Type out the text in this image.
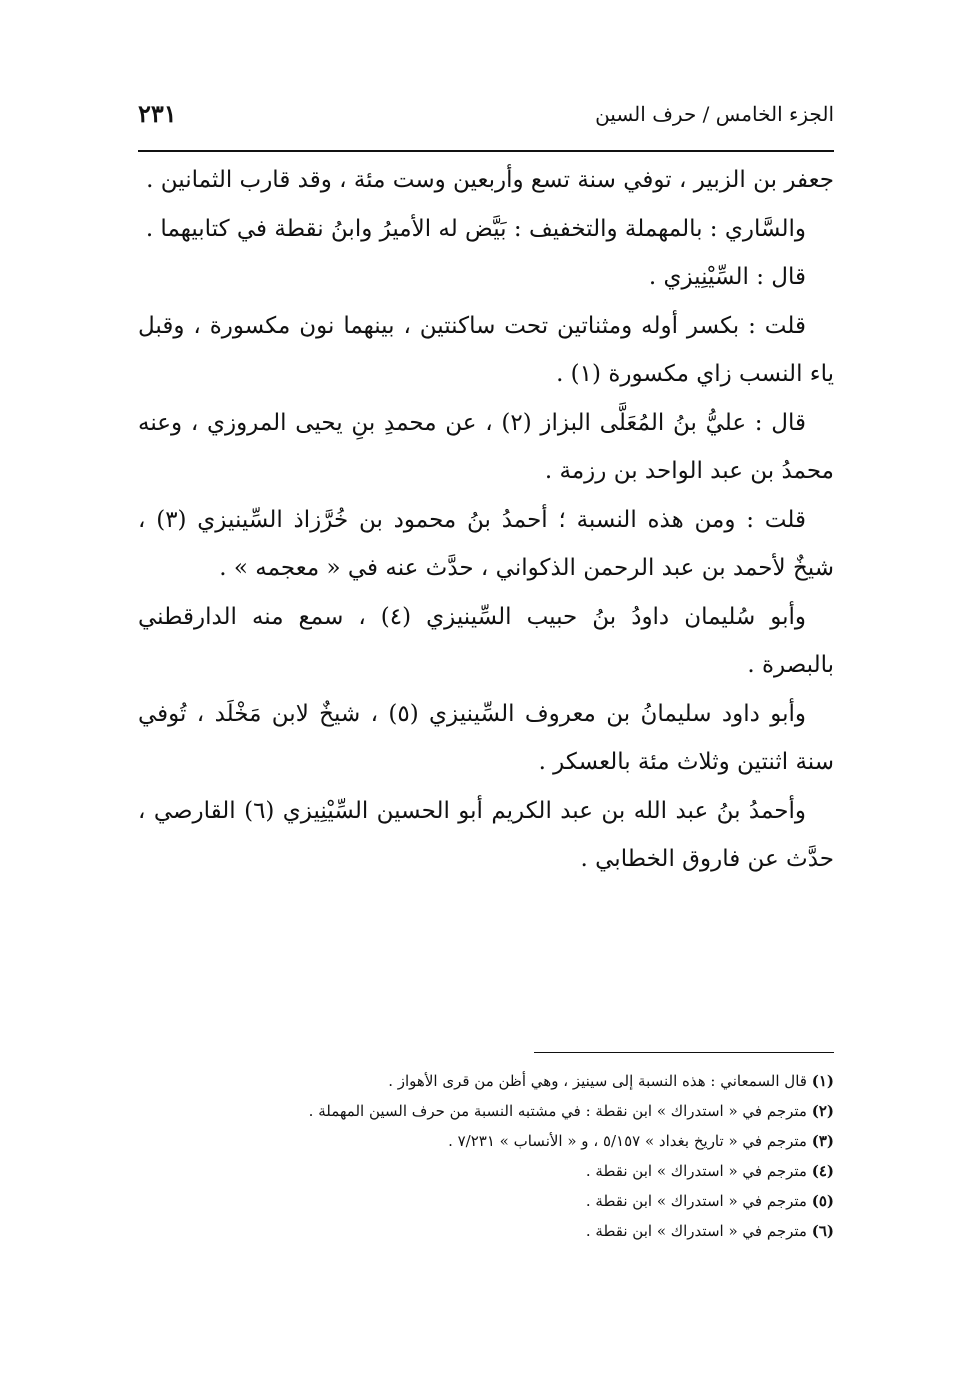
الجزء الخامس / حرف السين
٢٣١

جعفر بن الزبير ، توفي سنة تسع وأربعين وست مئة ، وقد قارب الثمانين .

والسَّاري : بالمهملة والتخفيف : بَيَّض له الأميرُ وابنُ نقطة في كتابيهما .

قال : السِّيْنِيزي .

قلت : بكسر أوله ومثناتين تحت ساكنتين ، بينهما نون مكسورة ، وقبل ياء النسب زاي مكسورة (١) .

قال : عليُّ بنُ المُعَلَّى البزاز (٢) ، عن محمدِ بنِ يحيى المروزي ، وعنه محمدُ بن عبد الواحد بن رزمة .

قلت : ومن هذه النسبة ؛ أحمدُ بنُ محمود بن خُرَّزاذ السِّينيزي (٣) ، شيخٌ لأحمد بن عبد الرحمن الذكواني ، حدَّث عنه في « معجمه » .

وأبو سُليمان داودُ بنُ حبيب السِّينيزي (٤) ، سمع منه الدارقطني بالبصرة .

وأبو داود سليمانُ بن معروف السِّينيزي (٥) ، شيخٌ لابن مَخْلَد ، تُوفي سنة اثنتين وثلاث مئة بالعسكر .

وأحمدُ بنُ عبد الله بن عبد الكريم أبو الحسين السِّيْنِيزي (٦) القارصي ، حدَّث عن فاروق الخطابي .

(١) قال السمعاني : هذه النسبة إلى سينيز ، وهي أظن من قرى الأهواز .

(٢) مترجم في « استدراك » ابن نقطة : في مشتبه النسبة من حرف السين المهملة .

(٣) مترجم في « تاريخ بغداد » ٥/١٥٧ ، و « الأنساب » ٧/٢٣١ .

(٤) مترجم في « استدراك » ابن نقطة .

(٥) مترجم في « استدراك » ابن نقطة .

(٦) مترجم في « استدراك » ابن نقطة .
